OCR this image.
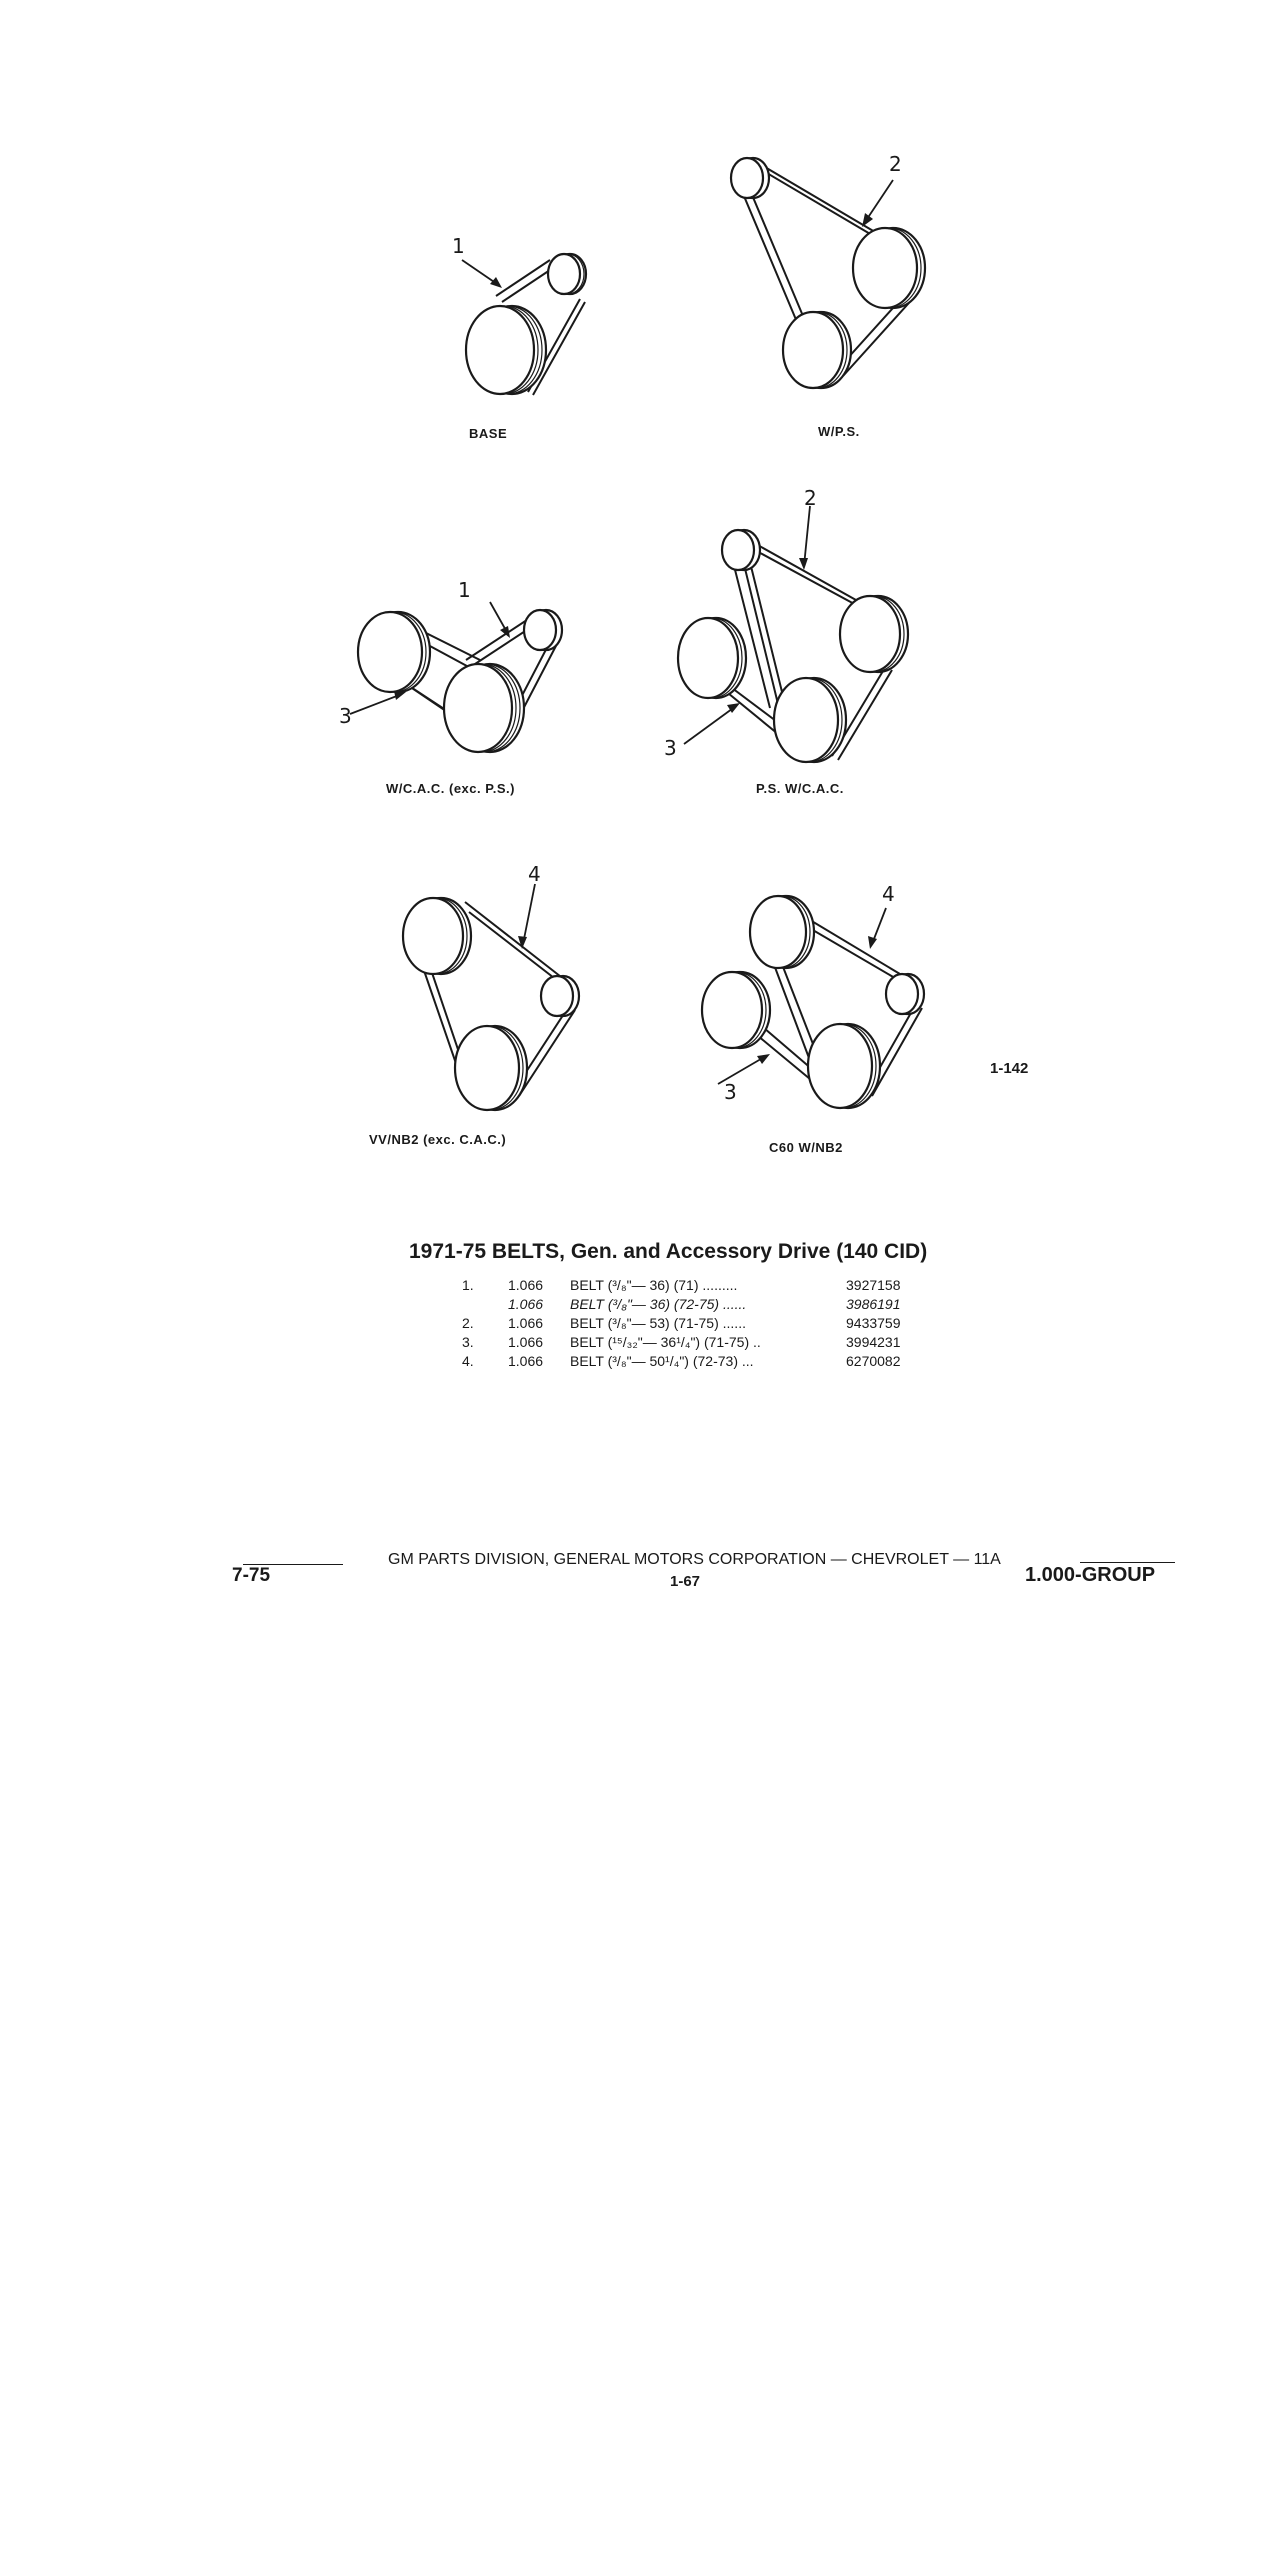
1
BASE
2
W/P.S.
1
3
W/C.A.C. (exc. P.S.)
2
3
P.S. W/C.A.C.
4
VV/NB2 (exc. C.A.C.)
4
3
C60 W/NB2
1-142
1971-75 BELTS, Gen. and Accessory Drive (140 CID)
1.	1.066	BELT (³/₈"— 36) (71) .........	3927158
	1.066	BELT (³/₈"— 36) (72-75) ......	3986191
2.	1.066	BELT (³/₈"— 53) (71-75) ......	9433759
3.	1.066	BELT (¹⁵/₃₂"— 36¹/₄") (71-75) ..	3994231
4.	1.066	BELT (³/₈"— 50¹/₄") (72-73) ...	6270082
7-75
GM PARTS DIVISION, GENERAL MOTORS CORPORATION — CHEVROLET — 11A
1-67	1.000-GROUP
